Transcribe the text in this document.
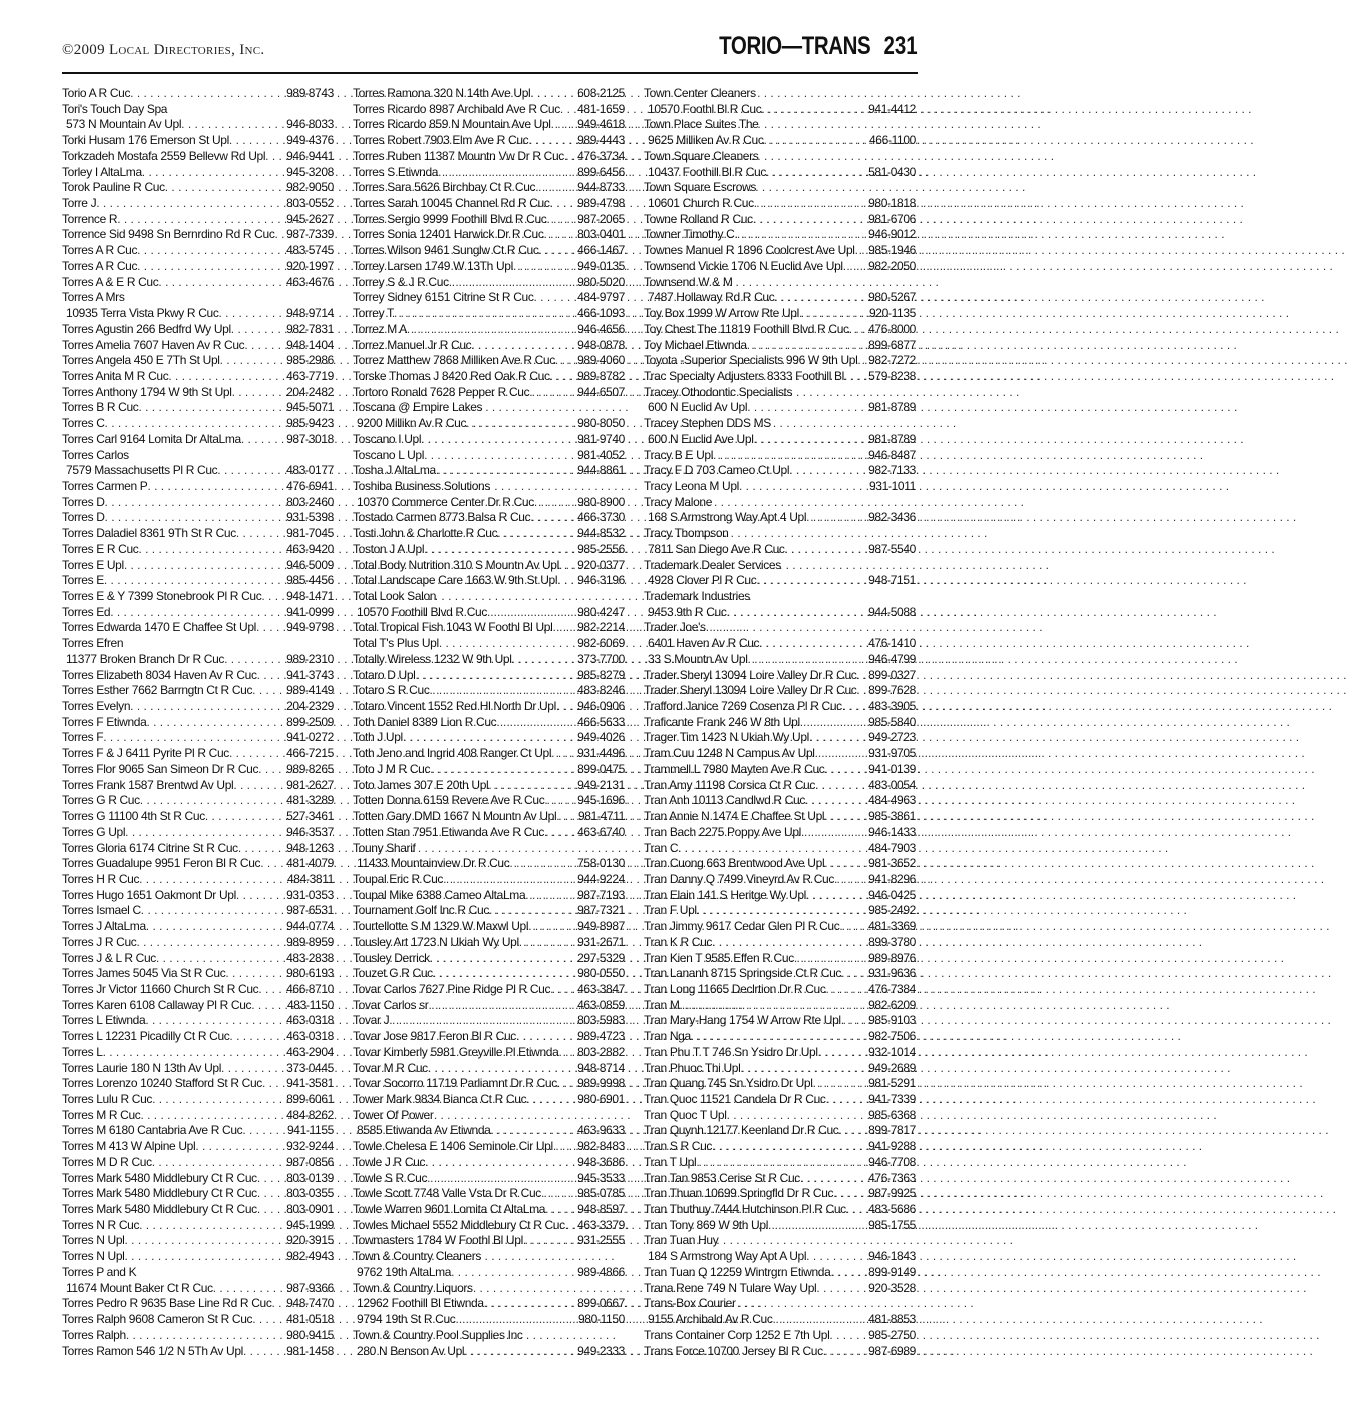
©2009 Local Directories, Inc.	TORIO—TRANS 231
Torio A R Cuc . . .	989-8743
Tori's Touch Day Spa
573 N Mountain Av Upl . . .	946-8033
Torki Husam 176 Emerson St Upl . . .	949-4376
Torkzadeh Mostafa 2559 Bellevw Rd Upl . . . 946-9441
Torley I AltaLma . . .	945-3208
Torok Pauline R Cuc . . .	982-9050
Torre J . . .	803-0552
Torrence R . . .	945-2627
Torrence Sid 9498 Sn Bernrdino Rd R Cuc . . . 987-7339
Torres A R Cuc . . .	483-5745
Torres A R Cuc . . .	920-1997
Torres A & E R Cuc . . .	463-4676
Torres A Mrs
10935 Terra Vista Pkwy R Cuc . . .	948-9714
Torres Agustin 266 Bedfrd Wy Upl . . .	982-7831
Torres Amelia 7607 Haven Av R Cuc . . .	948-1404
Torres Angela 450 E 7Th St Upl . . .	985-2986
Torres Anita M R Cuc . . .	463-7719
Torres Anthony 1794 W 9th St Upl . . .	204-2482
Torres B R Cuc . . .	945-5071
Torres C . . .	985-9423
Torres Carl 9164 Lomita Dr AltaLma . . .	987-3018
Torres Carlos
7579 Massachusetts Pl R Cuc . . .	483-0177
Torres Carmen P . . .	476-6941
Torres D . . .	803-2460
Torres D . . .	931-5398
Torres Daladiel 8361 9Th St R Cuc . . .	981-7045
Torres E R Cuc . . .	463-9420
Torres E Upl . . .	946-5009
Torres E . . .	985-4456
Torres E & Y 7399 Stonebrook Pl R Cuc . . . 948-1471
Torres Ed . . .	941-0999
Torres Edwarda 1470 E Chaffee St Upl . . .	949-9798
Torres Efren
11377 Broken Branch Dr R Cuc . . .	989-2310
Torres Elizabeth 8034 Haven Av R Cuc . . . 941-3743
Torres Esther 7662 Barrngtn Ct R Cuc . . .	989-4149
Torres Evelyn . . .	204-2329
Torres F Etiwnda . . .	899-2509
Torres F . . .	941-0272
Torres F & J 6411 Pyrite Pl R Cuc . . .	466-7215
Torres Flor 9065 San Simeon Dr R Cuc . . . 989-8265
Torres Frank 1587 Brentwd Av Upl . . .	981-2627
Torres G R Cuc . . .	481-3289
Torres G 11100 4th St R Cuc . . .	527-3461
Torres G Upl . . .	946-3537
Torres Gloria 6174 Citrine St R Cuc . . .	948-1263
Torres Guadalupe 9951 Feron Bl R Cuc . . . 481-4079
Torres H R Cuc . . .	484-3811
Torres Hugo 1651 Oakmont Dr Upl . . .	931-0353
Torres Ismael C . . .	987-6531
Torres J AltaLma . . .	944-0774
Torres J R Cuc . . .	989-8959
Torres J & L R Cuc . . .	483-2838
Torres James 5045 Via St R Cuc . . .	980-6193
Torres Jr Victor 11660 Church St R Cuc . . . 466-8710
Torres Karen 6108 Callaway Pl R Cuc . . .	483-1150
Torres L Etiwnda . . .	463-0318
Torres L 12231 Picadilly Ct R Cuc . . .	463-0318
Torres L . . .	463-2904
Torres Laurie 180 N 13th Av Upl . . .	373-0445
Torres Lorenzo 10240 Stafford St R Cuc . . . 941-3581
Torres Lulu R Cuc . . .	899-6061
Torres M R Cuc . . .	484-8262
Torres M 6180 Cantabria Ave R Cuc . . .	941-1155
Torres M 413 W Alpine Upl . . .	932-9244
Torres M D R Cuc . . .	987-0856
Torres Mark 5480 Middlebury Ct R Cuc . . . 803-0139
Torres Mark 5480 Middlebury Ct R Cuc . . . 803-0355
Torres Mark 5480 Middlebury Ct R Cuc . . . 803-0901
Torres N R Cuc . . .	945-1999
Torres N Upl . . .	920-3915
Torres N Upl . . .	982-4943
Torres P and K
11674 Mount Baker Ct R Cuc . . .	987-9366
Torres Pedro R 9635 Base Line Rd R Cuc . . . 948-7470
Torres Ralph 9608 Cameron St R Cuc . . .	481-0518
Torres Ralph . . .	980-9415
Torres Ramon 546 1/2 N 5Th Av Upl . . .	981-1458
Torres Ramona 320 N 14th Ave Upl . . .	608-2125
Torres Ricardo 8987 Archibald Ave R Cuc . . . 481-1659
Torres Ricardo 859 N Mountain Ave Upl . . . 949-4618
Torres Robert 7903 Elm Ave R Cuc . . .	989-4443
Torres Ruben 11387 Mountn Vw Dr R Cuc . . . 476-3734
Torres S Etiwnda . . .	899-6456
Torres Sara 5626 Birchbay Ct R Cuc . . .	944-8733
Torres Sarah 10045 Channel Rd R Cuc . . . 989-4798
Torres Sergio 9999 Foothill Blvd R Cuc . . .	987-2065
Torres Sonia 12401 Harwick Dr R Cuc . . .	803-0401
Torres Wilson 9461 Sunglw Ct R Cuc . . .	466-1467
Torrey Larsen 1749 W 13Th Upl . . .	949-0135
Torrey S & J R Cuc . . .	980-5020
Torrey Sidney 6151 Citrine St R Cuc . . .	484-9797
Torrey T . . .	466-1093
Torrez M A . . .	946-4656
Torrez Manuel Jr R Cuc . . .	948-0878
Torrez Matthew 7868 Milliken Ave R Cuc . . . 989-4060
Torske Thomas J 8420 Red Oak R Cuc . . . 989-8782
Tortoro Ronald 7628 Pepper R Cuc . . .	944-6507
Toscana @ Empire Lakes
9200 Millikn Av R Cuc . . .	980-8050
Toscano I Upl . . .	981-9740
Toscano L Upl . . .	981-4052
Tosha J AltaLma . . .	944-8861
Toshiba Business Solutions
10370 Commerce Center Dr R Cuc . . .	980-8900
Tostado Carmen 8773 Balsa R Cuc . . .	466-3730
Tosti John & Charlotte R Cuc . . .	944-8532
Toston J A Upl . . .	985-2556
Total Body Nutrition 310 S Mountn Av Upl . . . 920-0377
Total Landscape Care 1663 W 9th St Upl . . . 946-3196
Total Look Salon
10570 Foothill Blvd R Cuc . . .	980-4247
Total Tropical Fish 1043 W Foothl Bl Upl . . . 982-2214
Total T's Plus Upl . . .	982-6069
Totally Wireless 1232 W 9th Upl . . .	373-7700
Totaro D Upl . . .	985-8279
Totaro S R Cuc . . .	483-8246
Totaro Vincent 1552 Red Hl North Dr Upl . . . 946-0906
Toth Daniel 8389 Lion R Cuc . . .	466-5633
Toth J Upl . . .	949-4026
Toth Jeno and Ingrid 408 Ranger Ct Upl . . . 931-4496
Toto J M R Cuc . . .	899-0475
Toto James 307 E 20th Upl . . .	949-2131
Totten Donna 6159 Revere Ave R Cuc . . .	945-1696
Totten Gary DMD 1667 N Mountn Av Upl . . . 981-4711
Totten Stan 7951 Etiwanda Ave R Cuc . . .	463-6740
Touny Sharif
11433 Mountainview Dr R Cuc . . .	758-0130
Toupal Eric R Cuc . . .	944-9224
Toupal Mike 6388 Cameo AltaLma . . .	987-7193
Tournament Golf Inc R Cuc . . .	987-7321
Tourtellotte S M 1329 W Maxwl Upl . . .	949-8987
Tousley Art 1723 N Ukiah Wy Upl . . .	931-2671
Tousley Derrick . . .	297-5329
Touzet G R Cuc . . .	980-0550
Tovar Carlos 7627 Pine Ridge Pl R Cuc . . . 463-3847
Tovar Carlos sr . . .	463-0859
Tovar J . . .	803-5983
Tovar Jose 9817 Feron Bl R Cuc . . .	989-4723
Tovar Kimberly 5981 Greyville Pl Etiwnda . . . 803-2882
Tovar M R Cuc . . .	948-8714
Tovar Socorro 11719 Parliamnt Dr R Cuc . . . 989-9998
Tower Mark 9834 Bianca Ct R Cuc . . .	980-6901
Tower Of Power
8585 Etiwanda Av Etiwnda . . .	463-9633
Towle Chelesa E 1406 Seminole Cir Upl . . . 982-8483
Towle J R Cuc . . .	948-3686
Towle S R Cuc . . .	945-3533
Towle Scott 7748 Valle Vsta Dr R Cuc . . .	985-0785
Towle Warren 9601 Lomita Ct AltaLma . . .	948-8597
Towles Michael 5552 Middlebury Ct R Cuc . . . 463-3379
Towmasters 1784 W Foothl Bl Upl . . .	931-2555
Town & Country Cleaners
9762 19th AltaLma . . .	989-4866
Town & Country Liquors
12962 Foothill Bl Etiwnda . . .	899-0667
9794 19th St R Cuc . . .	980-1150
Town & Country Pool Supplies Inc
280 N Benson Av Upl . . .	949-2333
Town Center Cleaners
10570 Foothl Bl R Cuc . . .	941-4412
Town Place Suites The
9625 Milliken Av R Cuc . . .	466-1100
Town Square Cleaners
10437 Foothill Bl R Cuc . . .	581-0430
Town Square Escrows
10601 Church R Cuc . . .	980-1818
Towne Rolland R Cuc . . .	981-6706
Towner Timothy C . . .	946-9012
Townes Manuel R 1896 Coolcrest Ave Upl . . . 985-1946
Townsend Vickie 1706 N Euclid Ave Upl . . . 982-2050
Townsend W & M
7487 Hollaway Rd R Cuc . . .	980-5267
Toy Box 1999 W Arrow Rte Upl . . .	920-1135
Toy Chest The 11819 Foothill Blvd R Cuc . . . 476-8000
Toy Michael Etiwnda . . .	899-6877
Toyota -Superior Specialists 996 W 9th Upl . . . 982-7272
Trac Specialty Adjusters 8333 Foothill Bl . . . 579-8238
Tracey Othodontic Specialists
600 N Euclid Av Upl . . .	981-8789
Tracey Stephen DDS MS
600 N Euclid Ave Upl . . .	981-8789
Tracy B E Upl . . .	946-8487
Tracy F D 703 Cameo Ct Upl . . .	982-7133
Tracy Leona M Upl . . .	931-1011
Tracy Malone
168 S Armstrong Way Apt 4 Upl . . .	982-3436
Tracy Thompson
7811 San Diego Ave R Cuc . . .	987-5540
Trademark Dealer Services
4928 Clover Pl R Cuc . . .	948-7151
Trademark Industries
9453 9th R Cuc . . .	944-5088
Trader Joe's
6401 Haven Av R Cuc . . .	476-1410
33 S Mountn Av Upl . . .	946-4799
Trader Sheryl 13094 Loire Valley Dr R Cuc . . . 899-0327
Trader Sheryl 13094 Loire Valley Dr R Cuc . . . 899-7628
Trafford Janice 7269 Cosenza Pl R Cuc . . . 483-3905
Traficante Frank 246 W 8th Upl . . .	985-5840
Trager Tim 1423 N Ukiah Wy Upl . . .	949-2723
Tram Cuu 1248 N Campus Av Upl . . .	931-9705
Trammell L 7980 Mayten Ave R Cuc . . .	941-0139
Tran Amy 11198 Corsica Ct R Cuc . . .	483-0054
Tran Anh 10113 Candlwd R Cuc . . .	484-4963
Tran Annie N 1474 E Chaffee St Upl . . .	985-3861
Tran Bach 2275 Poppy Ave Upl . . .	946-1433
Tran C . . .	484-7903
Tran Cuong 663 Brentwood Ave Upl . . .	981-3652
Tran Danny Q 7499 Vineyrd Av R Cuc . . .	941-8296
Tran Elain 141 S Heritge Wy Upl . . .	946-0425
Tran F Upl . . .	985-2492
Tran Jimmy 9617 Cedar Glen Pl R Cuc . . . 481-3369
Tran K R Cuc . . .	899-3780
Tran Kien T 9585 Effen R Cuc . . .	989-8976
Tran Lananh 8715 Springside Ct R Cuc . . . 931-9636
Tran Long 11665 Declrtion Dr R Cuc . . .	476-7384
Tran M . . .	982-6209
Tran Mary-Hang 1754 W Arrow Rte Upl . . . 985-9103
Tran Nga . . .	982-7506
Tran Phu T T 746 Sn Ysidro Dr Upl . . .	932-1014
Tran Phuoc Thi Upl . . .	949-2689
Tran Quang 745 Sn Ysidro Dr Upl . . .	981-5291
Tran Quoc 11521 Candela Dr R Cuc . . .	941-7339
Tran Quoc T Upl . . .	985-6368
Tran Quynh 12177 Keenland Dr R Cuc . . . 899-7817
Tran S R Cuc . . .	941-9288
Tran T Upl . . .	946-7708
Tran Tan 9853 Cerise St R Cuc . . .	476-7363
Tran Thuan 10699 Springfld Dr R Cuc . . .	987-9925
Tran Thuthuy 7444 Hutchinson Pl R Cuc . . . 483-5686
Tran Tony 869 W 9th Upl . . .	985-1755
Tran Tuan Huy
184 S Armstrong Way Apt A Upl . . .	946-1843
Tran Tuan Q 12259 Wintrgrn Etiwnda . . .	899-9149
Trana Rene 749 N Tulare Way Upl . . .	920-3528
Trans-Box Courier
9155 Archibald Av R Cuc . . .	481-8853
Trans Container Corp 1252 E 7th Upl . . .	985-2750
Trans Force 10700 Jersey Bl R Cuc . . .	987-6989
